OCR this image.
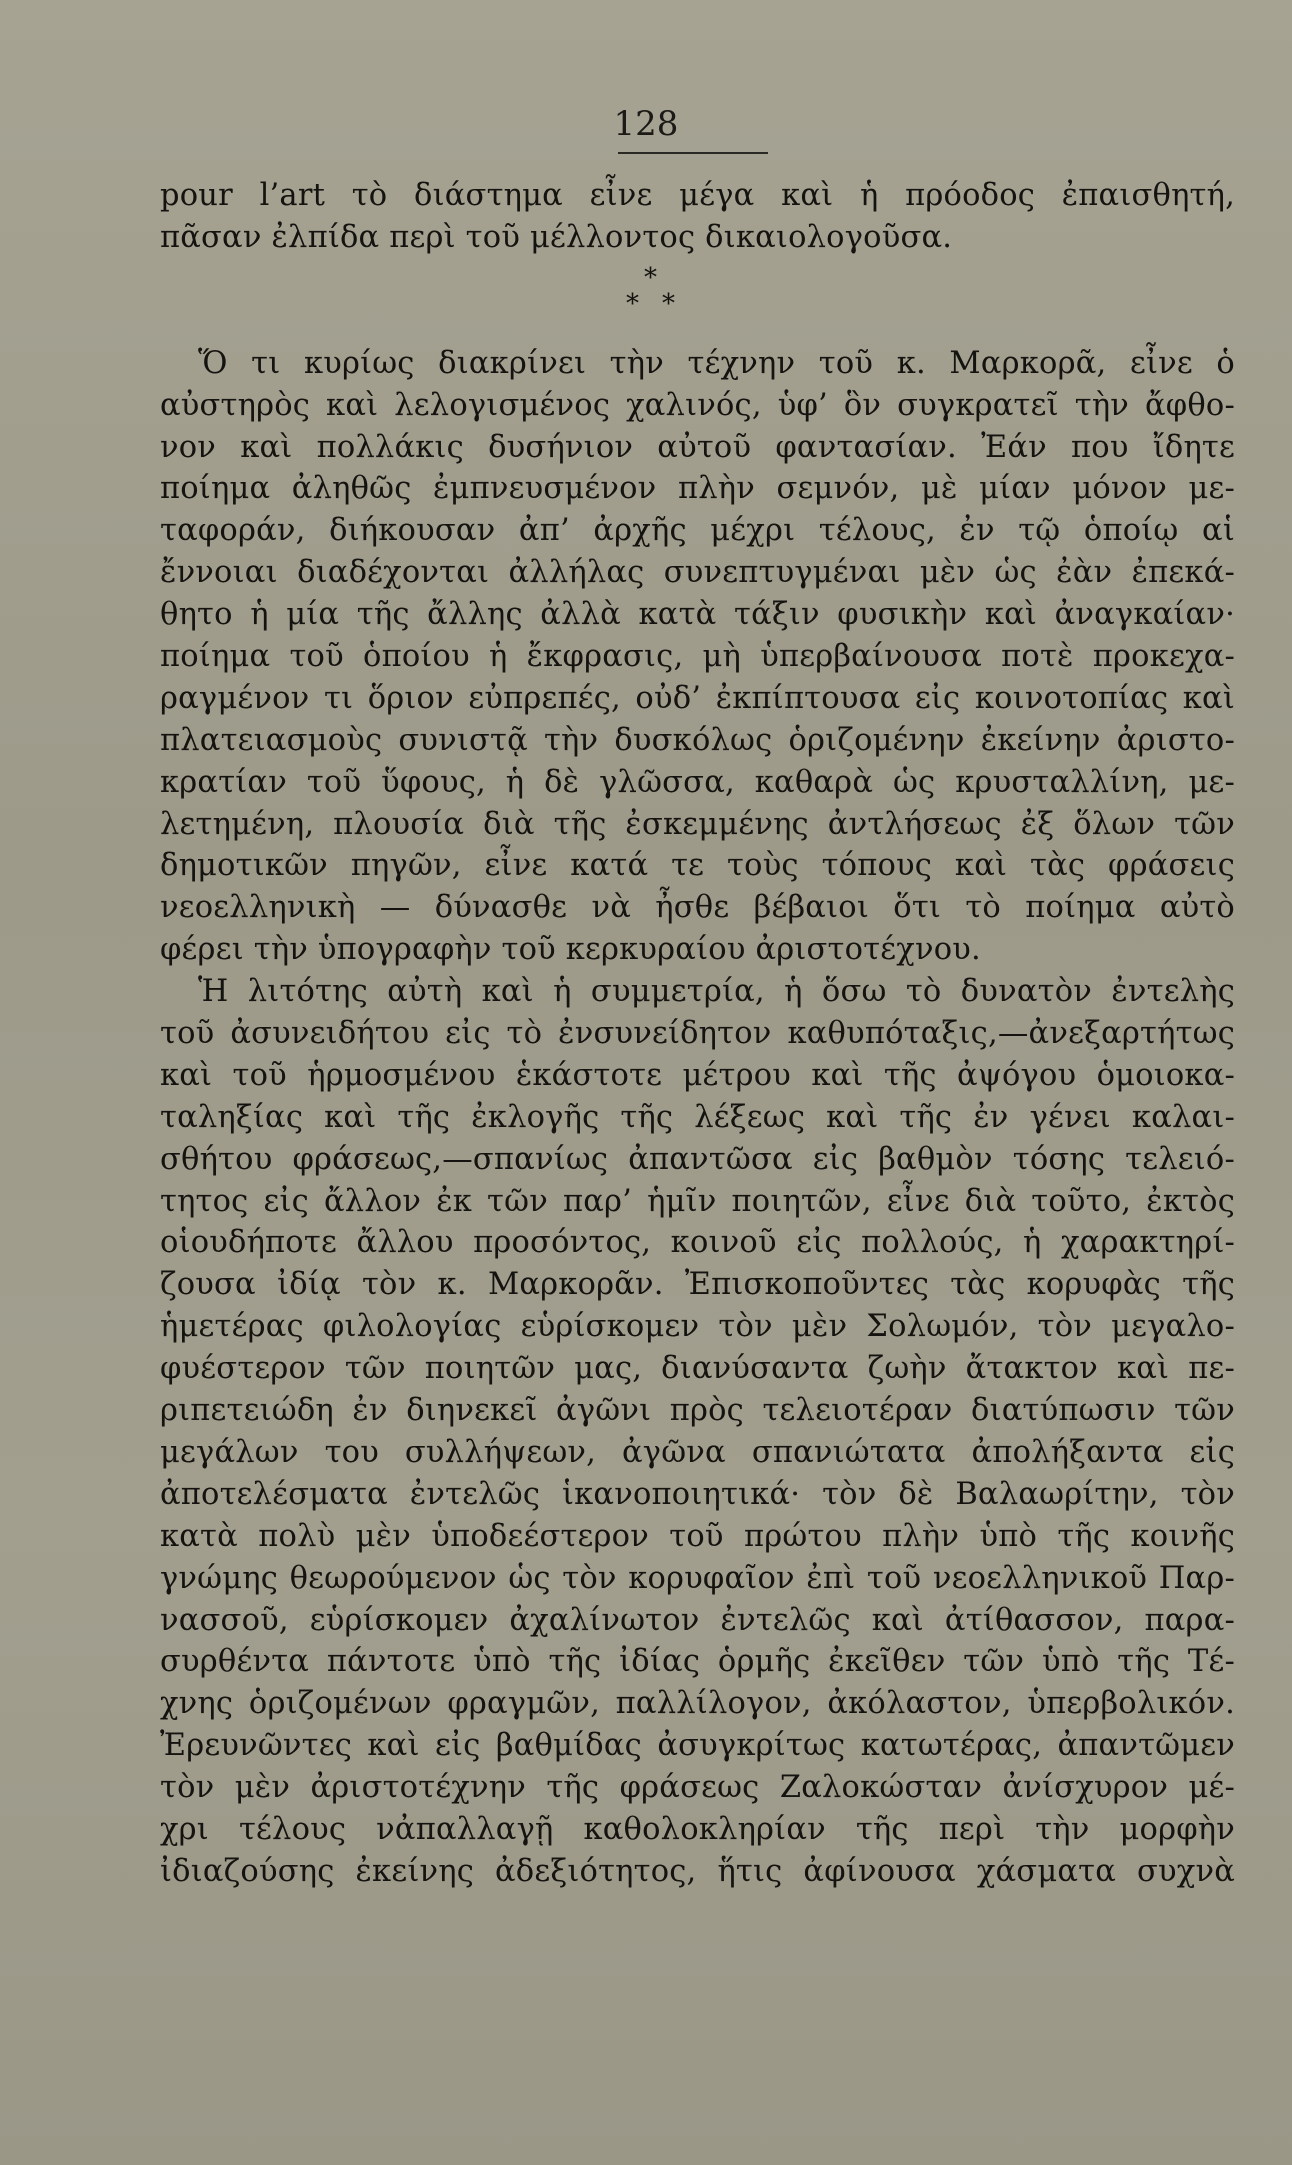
128
pour l’art τὸ διάστημα εἶνε μέγα καὶ ἡ πρόοδος ἐπαισθητή,
πᾶσαν ἐλπίδα περὶ τοῦ μέλλοντος δικαιολογοῦσα.
*
* *
Ὅ τι κυρίως διακρίνει τὴν τέχνην τοῦ κ. Μαρκορᾶ, εἶνε ὁ
αὐστηρὸς καὶ λελογισμένος χαλινός, ὑφ’ ὃν συγκρατεῖ τὴν ἄφθο-
νον καὶ πολλάκις δυσήνιον αὐτοῦ φαντασίαν. Ἐάν που ἴδητε
ποίημα ἀληθῶς ἐμπνευσμένον πλὴν σεμνόν, μὲ μίαν μόνον με-
ταφοράν, διήκουσαν ἀπ’ ἀρχῆς μέχρι τέλους, ἐν τῷ ὁποίῳ αἱ
ἔννοιαι διαδέχονται ἀλλήλας συνεπτυγμέναι μὲν ὡς ἐὰν ἐπεκά-
θητο ἡ μία τῆς ἄλλης ἀλλὰ κατὰ τάξιν φυσικὴν καὶ ἀναγκαίαν·
ποίημα τοῦ ὁποίου ἡ ἔκφρασις, μὴ ὑπερβαίνουσα ποτὲ προκεχα-
ραγμένον τι ὅριον εὐπρεπές, οὐδ’ ἐκπίπτουσα εἰς κοινοτοπίας καὶ
πλατειασμοὺς συνιστᾷ τὴν δυσκόλως ὁριζομένην ἐκείνην ἀριστο-
κρατίαν τοῦ ὕφους, ἡ δὲ γλῶσσα, καθαρὰ ὡς κρυσταλλίνη, με-
λετημένη, πλουσία διὰ τῆς ἐσκεμμένης ἀντλήσεως ἐξ ὅλων τῶν
δημοτικῶν πηγῶν, εἶνε κατά τε τοὺς τόπους καὶ τὰς φράσεις
νεοελληνικὴ — δύνασθε νὰ ἦσθε βέβαιοι ὅτι τὸ ποίημα αὐτὸ
φέρει τὴν ὑπογραφὴν τοῦ κερκυραίου ἀριστοτέχνου.
Ἡ λιτότης αὐτὴ καὶ ἡ συμμετρία, ἡ ὅσω τὸ δυνατὸν ἐντελὴς
τοῦ ἀσυνειδήτου εἰς τὸ ἐνσυνείδητον καθυπόταξις,—ἀνεξαρτήτως
καὶ τοῦ ἡρμοσμένου ἑκάστοτε μέτρου καὶ τῆς ἀψόγου ὁμοιοκα-
ταληξίας καὶ τῆς ἐκλογῆς τῆς λέξεως καὶ τῆς ἐν γένει καλαι-
σθήτου φράσεως,—σπανίως ἀπαντῶσα εἰς βαθμὸν τόσης τελειό-
τητος εἰς ἄλλον ἐκ τῶν παρ’ ἡμῖν ποιητῶν, εἶνε διὰ τοῦτο, ἐκτὸς
οἱουδήποτε ἄλλου προσόντος, κοινοῦ εἰς πολλούς, ἡ χαρακτηρί-
ζουσα ἰδίᾳ τὸν κ. Μαρκορᾶν. Ἐπισκοποῦντες τὰς κορυφὰς τῆς
ἡμετέρας φιλολογίας εὑρίσκομεν τὸν μὲν Σολωμόν, τὸν μεγαλο-
φυέστερον τῶν ποιητῶν μας, διανύσαντα ζωὴν ἄτακτον καὶ πε-
ριπετειώδη ἐν διηνεκεῖ ἀγῶνι πρὸς τελειοτέραν διατύπωσιν τῶν
μεγάλων του συλλήψεων, ἀγῶνα σπανιώτατα ἀπολήξαντα εἰς
ἀποτελέσματα ἐντελῶς ἱκανοποιητικά· τὸν δὲ Βαλαωρίτην, τὸν
κατὰ πολὺ μὲν ὑποδεέστερον τοῦ πρώτου πλὴν ὑπὸ τῆς κοινῆς
γνώμης θεωρούμενον ὡς τὸν κορυφαῖον ἐπὶ τοῦ νεοελληνικοῦ Παρ-
νασσοῦ, εὑρίσκομεν ἀχαλίνωτον ἐντελῶς καὶ ἀτίθασσον, παρα-
συρθέντα πάντοτε ὑπὸ τῆς ἰδίας ὁρμῆς ἐκεῖθεν τῶν ὑπὸ τῆς Τέ-
χνης ὁριζομένων φραγμῶν, παλλίλογον, ἀκόλαστον, ὑπερβολικόν.
Ἐρευνῶντες καὶ εἰς βαθμίδας ἀσυγκρίτως κατωτέρας, ἀπαντῶμεν
τὸν μὲν ἀριστοτέχνην τῆς φράσεως Ζαλοκώσταν ἀνίσχυρον μέ-
χρι τέλους νἀπαλλαγῇ καθολοκληρίαν τῆς περὶ τὴν μορφὴν
ἰδιαζούσης ἐκείνης ἀδεξιότητος, ἥτις ἀφίνουσα χάσματα συχνὰ
